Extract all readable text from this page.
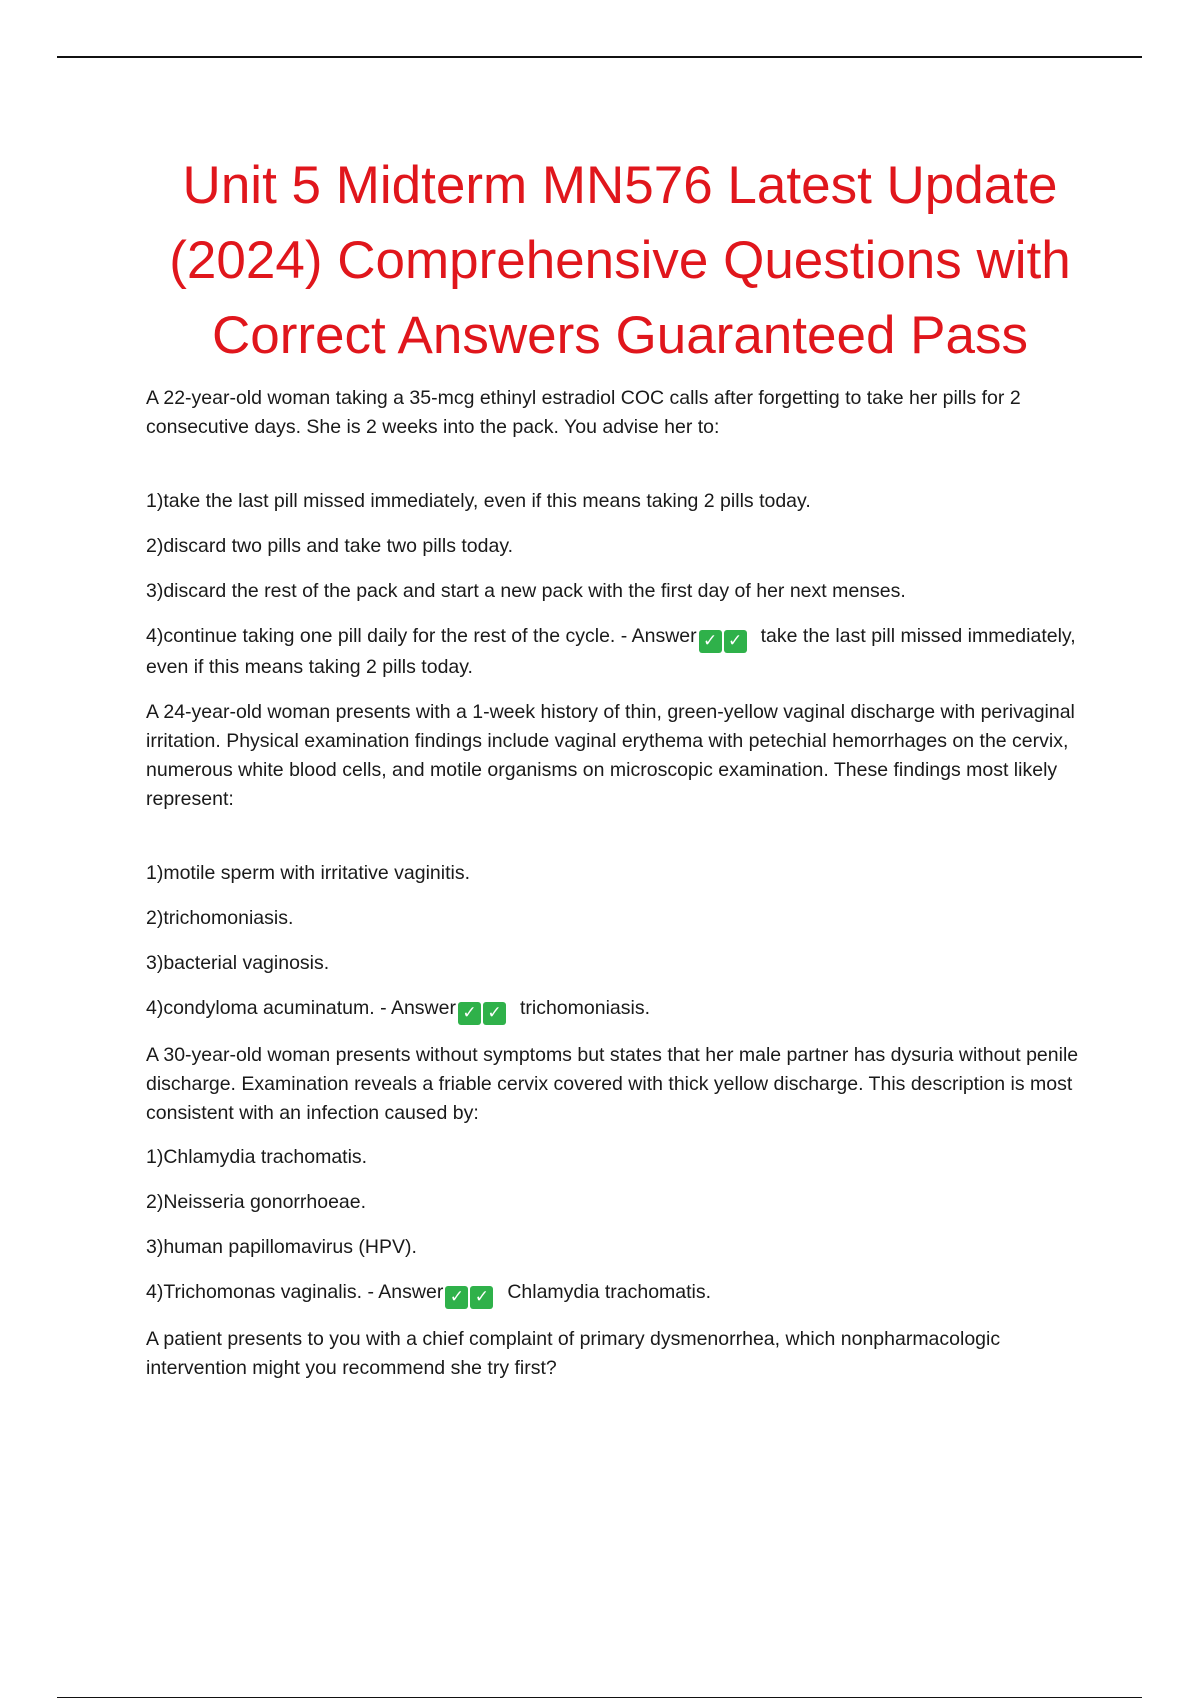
Unit 5 Midterm MN576 Latest Update (2024) Comprehensive Questions with Correct Answers Guaranteed Pass

A 22-year-old woman taking a 35-mcg ethinyl estradiol COC calls after forgetting to take her pills for 2 consecutive days. She is 2 weeks into the pack. You advise her to:

1)take the last pill missed immediately, even if this means taking 2 pills today.

2)discard two pills and take two pills today.

3)discard the rest of the pack and start a new pack with the first day of her next menses.

4)continue taking one pill daily for the rest of the cycle. - Answer ✓ ✓ take the last pill missed immediately, even if this means taking 2 pills today.

A 24-year-old woman presents with a 1-week history of thin, green-yellow vaginal discharge with perivaginal irritation. Physical examination findings include vaginal erythema with petechial hemorrhages on the cervix, numerous white blood cells, and motile organisms on microscopic examination. These findings most likely represent:

1)motile sperm with irritative vaginitis.

2)trichomoniasis.

3)bacterial vaginosis.

4)condyloma acuminatum. - Answer ✓ ✓ trichomoniasis.

A 30-year-old woman presents without symptoms but states that her male partner has dysuria without penile discharge. Examination reveals a friable cervix covered with thick yellow discharge. This description is most consistent with an infection caused by:

1)Chlamydia trachomatis.

2)Neisseria gonorrhoeae.

3)human papillomavirus (HPV).

4)Trichomonas vaginalis. - Answer ✓ ✓ Chlamydia trachomatis.

A patient presents to you with a chief complaint of primary dysmenorrhea, which nonpharmacologic intervention might you recommend she try first?
